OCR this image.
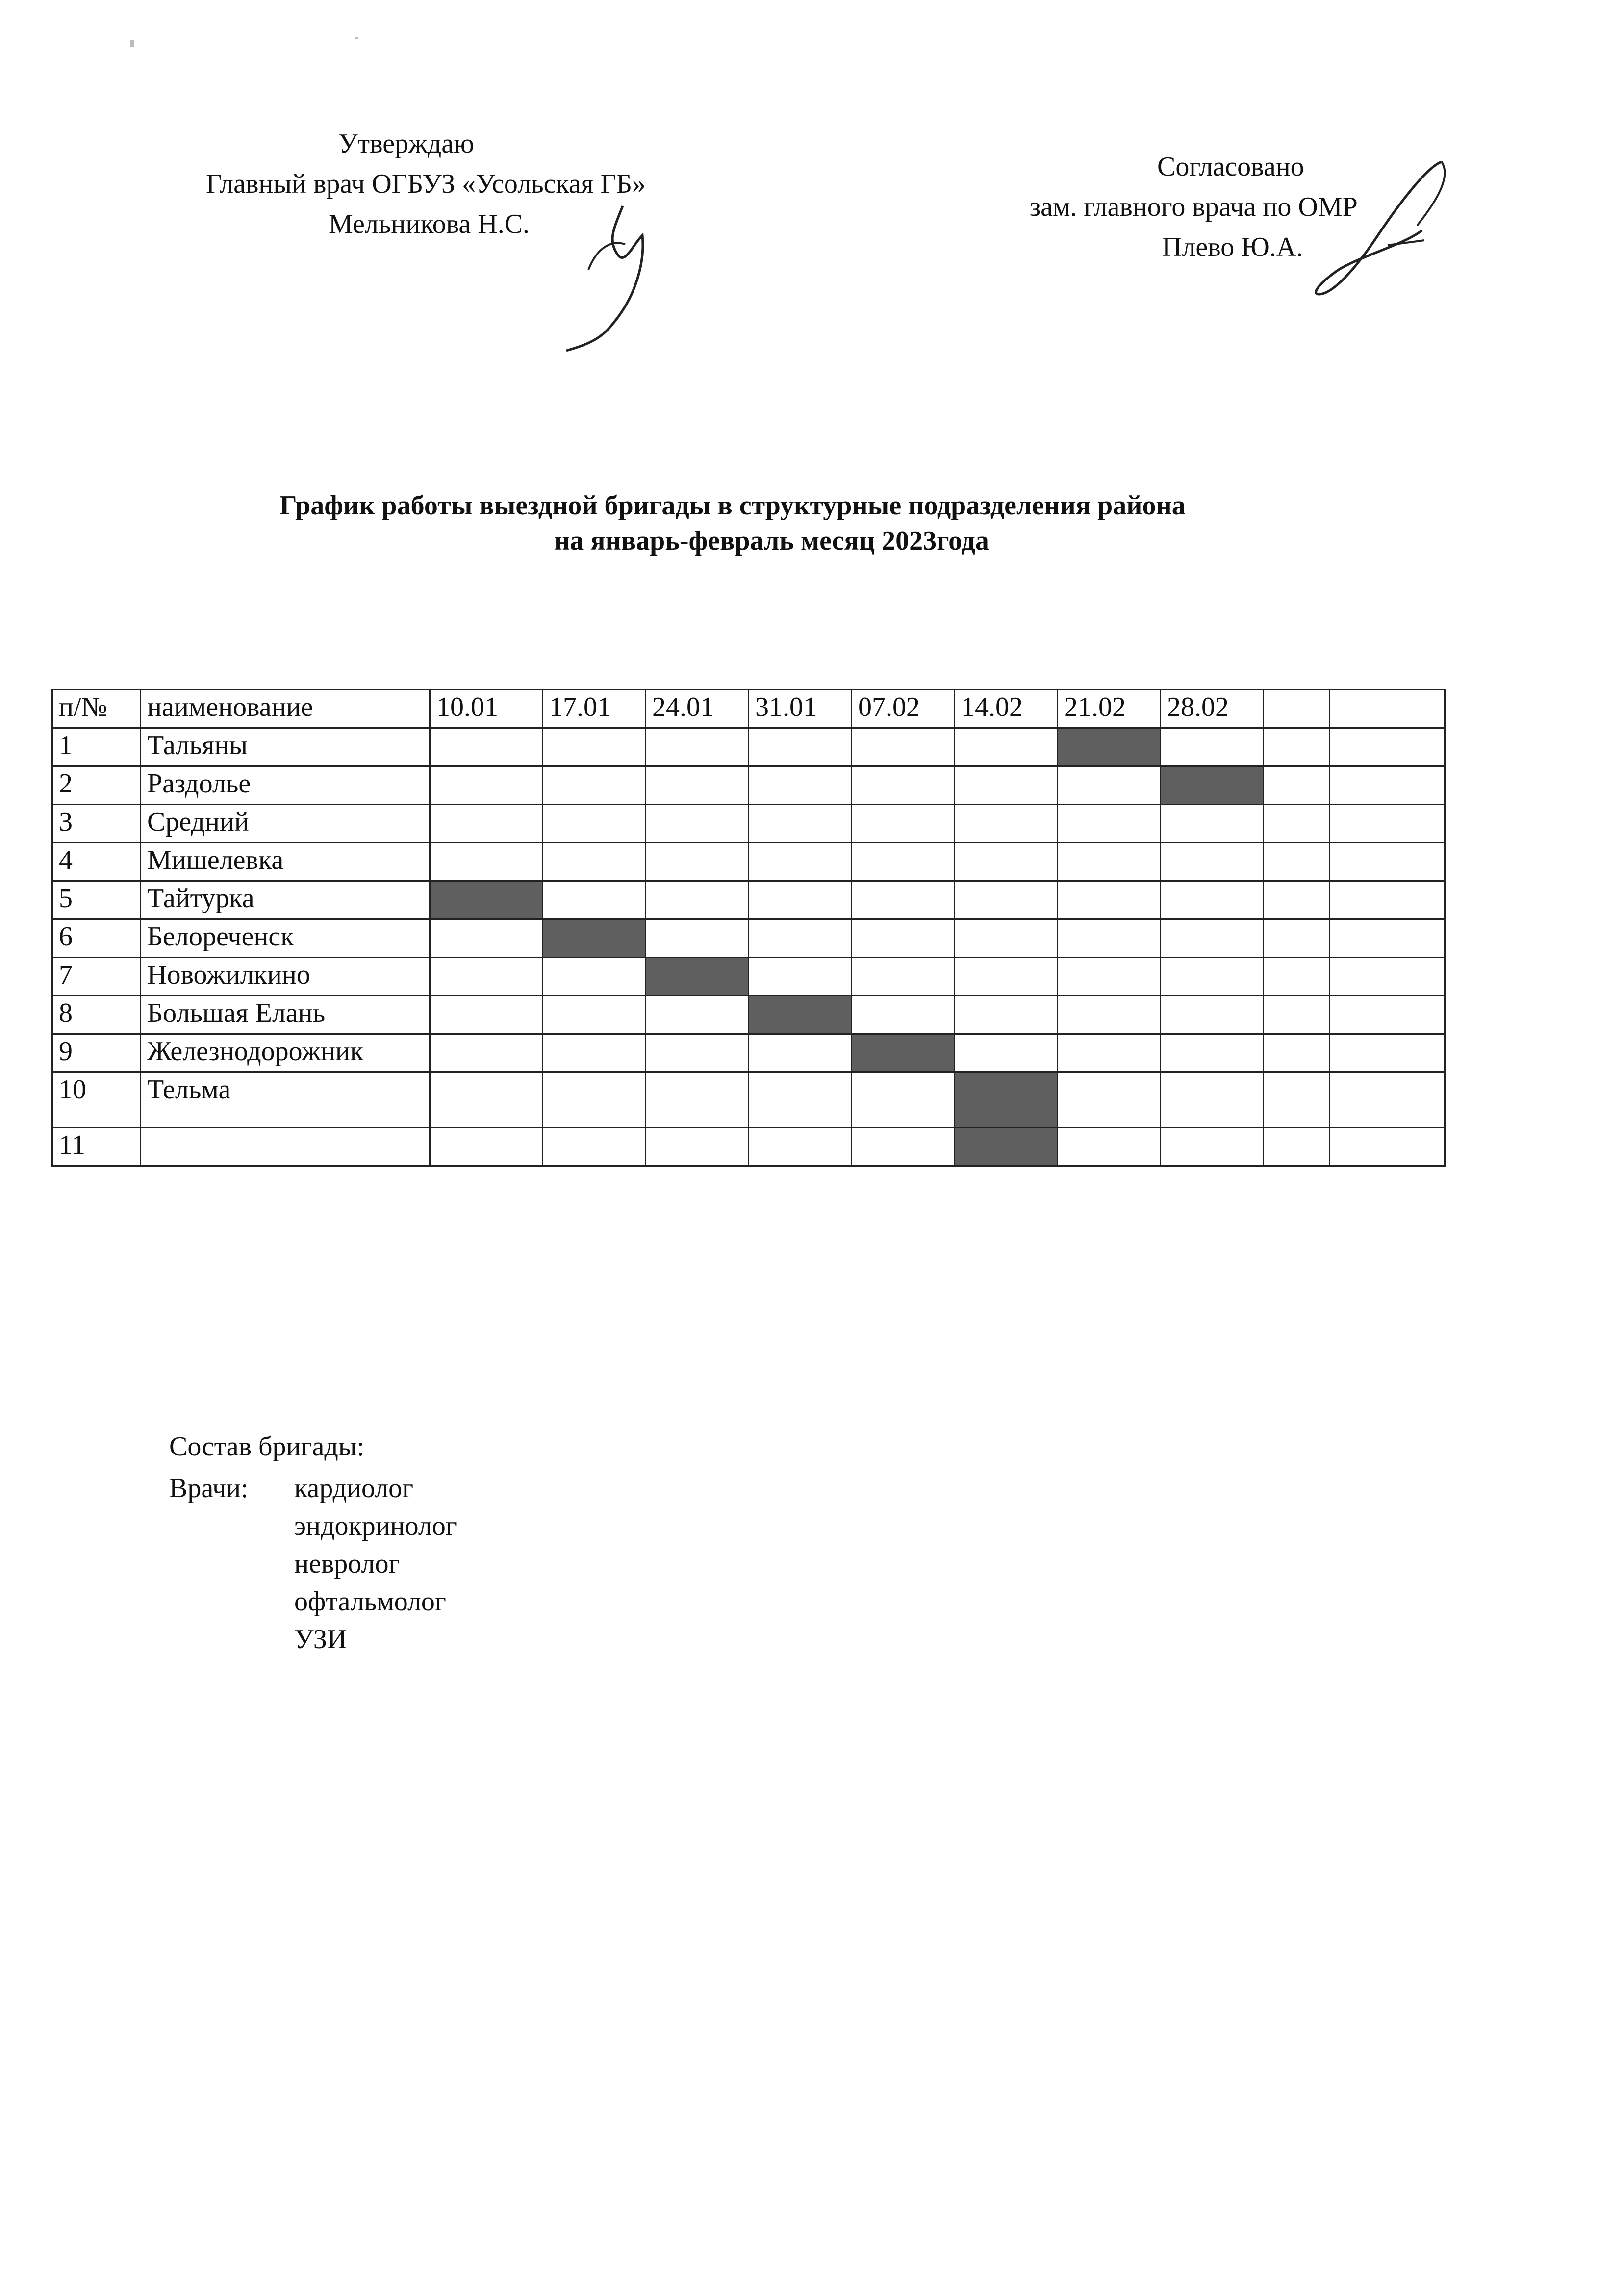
Утверждаю
Главный врач ОГБУЗ «Усольская ГБ»
Мельникова Н.С.
Согласовано
зам. главного врача по ОМР
Плево Ю.А.
График работы выездной бригады в структурные подразделения района
на январь-февраль месяц 2023года
п/№	наименование	10.01	17.01	24.01	31.01	07.02	14.02	21.02	28.02		
1	Тальяны										
2	Раздолье										
3	Средний										
4	Мишелевка										
5	Тайтурка										
6	Белореченск										
7	Новожилкино										
8	Большая Елань										
9	Железнодорожник										
10	Тельма										
11											
Состав бригады:
Врачи: кардиолог
эндокринолог
невролог
офтальмолог
УЗИ
